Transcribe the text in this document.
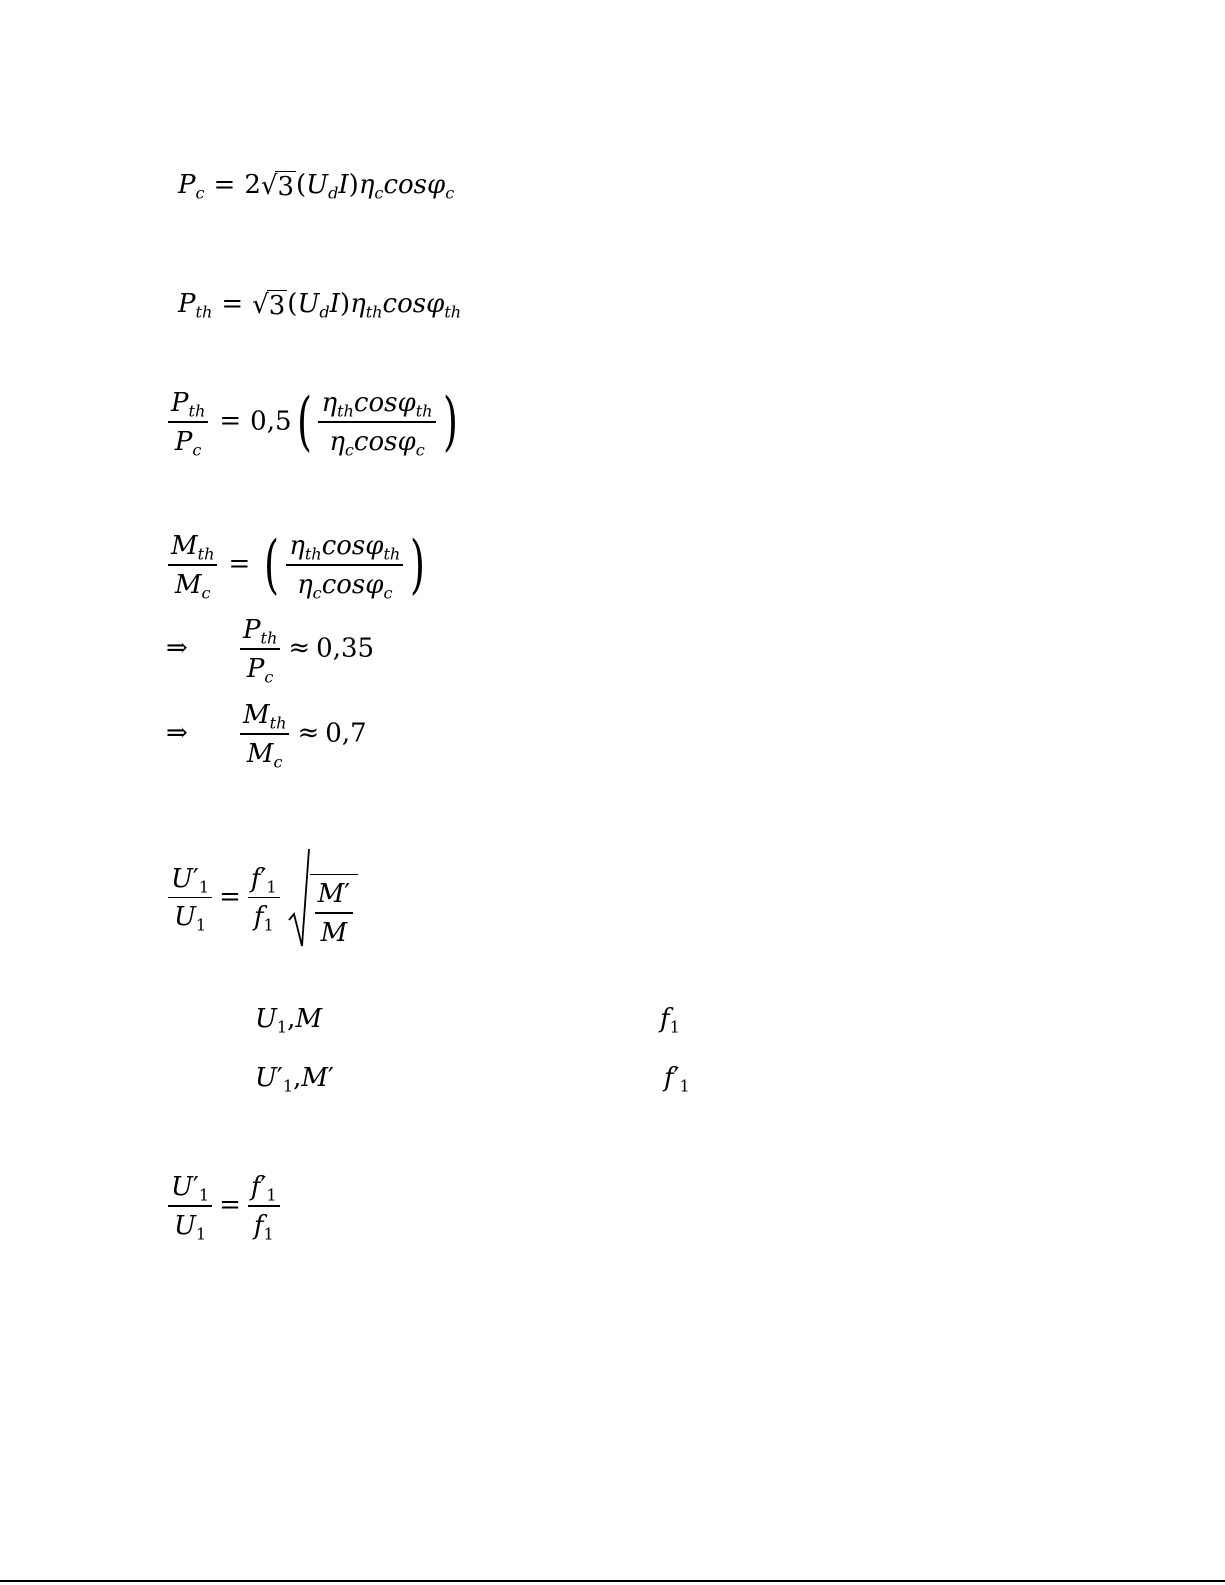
$P_c = 2$ √ 3 $(U_dI)\eta_c\cos\varphi_c$
$P_{th}$ = √ 3 $(U_dI)\eta_{th}\cos\varphi_{th}$
$\frac{P_{th}}{P_c} = 0,5( \frac{\eta_{th}\cos\varphi_{th}}{\eta_c\cos\varphi_c}$ )
$\frac{M_{th}}{M_c}$ = ( $\frac{\eta_{th}\cos\varphi_{th}}{\eta_c\cos\varphi_c}$ )
⇒ $\frac{P_{th}}{P_c} \approx 0,35$
⇒ $\frac{M_{th}}{M_c} \approx 0,7$
$\frac{U'_1}{U_1} = \frac{f'_1}{f_1} \frac{M'}{M}$
$U_1,M$	$f_1$
$U'_1,M'$	$f'_1$
$\frac{U'_1}{U_1} = \frac{f'_1}{f_1}$
